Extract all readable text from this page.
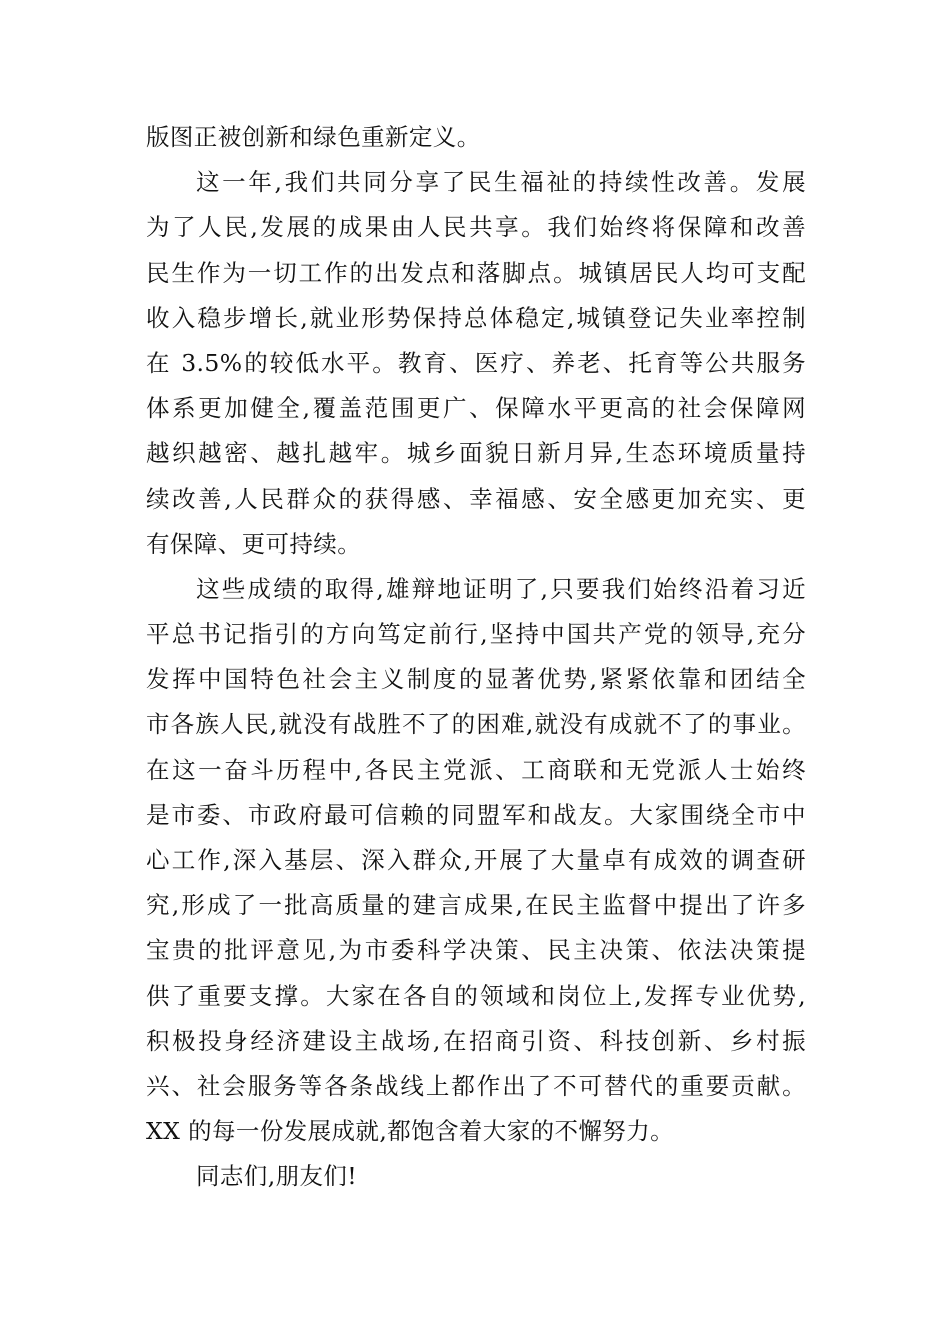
版图正被创新和绿色重新定义。
这一年,我们共同分享了民生福祉的持续性改善。发展
为了人民,发展的成果由人民共享。我们始终将保障和改善
民生作为一切工作的出发点和落脚点。城镇居民人均可支配
收入稳步增长,就业形势保持总体稳定,城镇登记失业率控制
在 3.5%的较低水平。教育、医疗、养老、托育等公共服务
体系更加健全,覆盖范围更广、保障水平更高的社会保障网
越织越密、越扎越牢。城乡面貌日新月异,生态环境质量持
续改善,人民群众的获得感、幸福感、安全感更加充实、更
有保障、更可持续。
这些成绩的取得,雄辩地证明了,只要我们始终沿着习近
平总书记指引的方向笃定前行,坚持中国共产党的领导,充分
发挥中国特色社会主义制度的显著优势,紧紧依靠和团结全
市各族人民,就没有战胜不了的困难,就没有成就不了的事业。
在这一奋斗历程中,各民主党派、工商联和无党派人士始终
是市委、市政府最可信赖的同盟军和战友。大家围绕全市中
心工作,深入基层、深入群众,开展了大量卓有成效的调查研
究,形成了一批高质量的建言成果,在民主监督中提出了许多
宝贵的批评意见,为市委科学决策、民主决策、依法决策提
供了重要支撑。大家在各自的领域和岗位上,发挥专业优势,
积极投身经济建设主战场,在招商引资、科技创新、乡村振
兴、社会服务等各条战线上都作出了不可替代的重要贡献。
XX 的每一份发展成就,都饱含着大家的不懈努力。
同志们,朋友们!
